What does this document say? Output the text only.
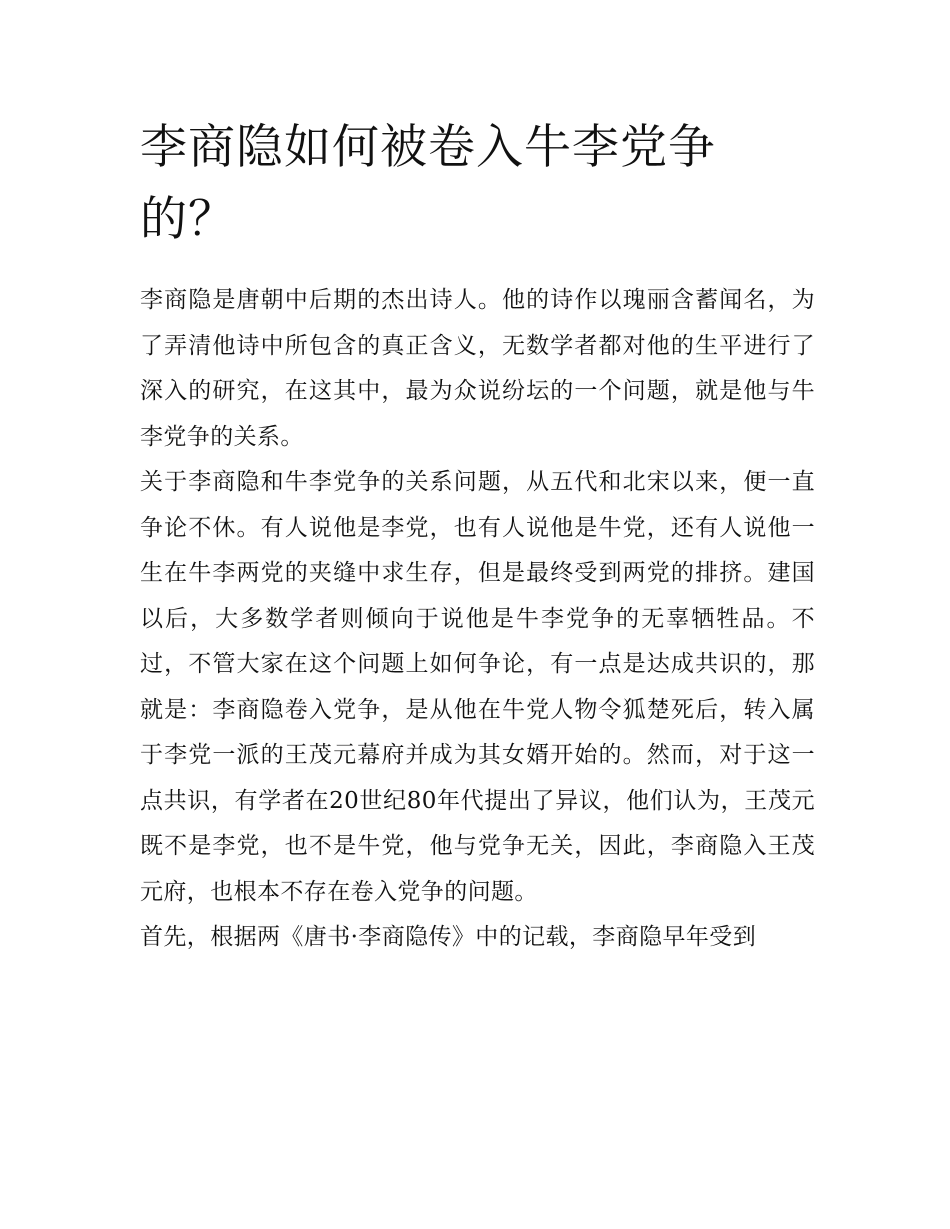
李商隐如何被卷入牛李党争的？

李商隐是唐朝中后期的杰出诗人。他的诗作以瑰丽含蓄闻名，为了弄清他诗中所包含的真正含义，无数学者都对他的生平进行了深入的研究，在这其中，最为众说纷坛的一个问题，就是他与牛李党争的关系。

关于李商隐和牛李党争的关系问题，从五代和北宋以来，便一直争论不休。有人说他是李党，也有人说他是牛党，还有人说他一生在牛李两党的夹缝中求生存，但是最终受到两党的排挤。建国以后，大多数学者则倾向于说他是牛李党争的无辜牺牲品。不过，不管大家在这个问题上如何争论，有一点是达成共识的，那就是：李商隐卷入党争，是从他在牛党人物令狐楚死后，转入属于李党一派的王茂元幕府并成为其女婿开始的。然而，对于这一点共识，有学者在20世纪80年代提出了异议，他们认为，王茂元既不是李党，也不是牛党，他与党争无关，因此，李商隐入王茂元府，也根本不存在卷入党争的问题。

首先，根据两《唐书·李商隐传》中的记载，李商隐早年受到
